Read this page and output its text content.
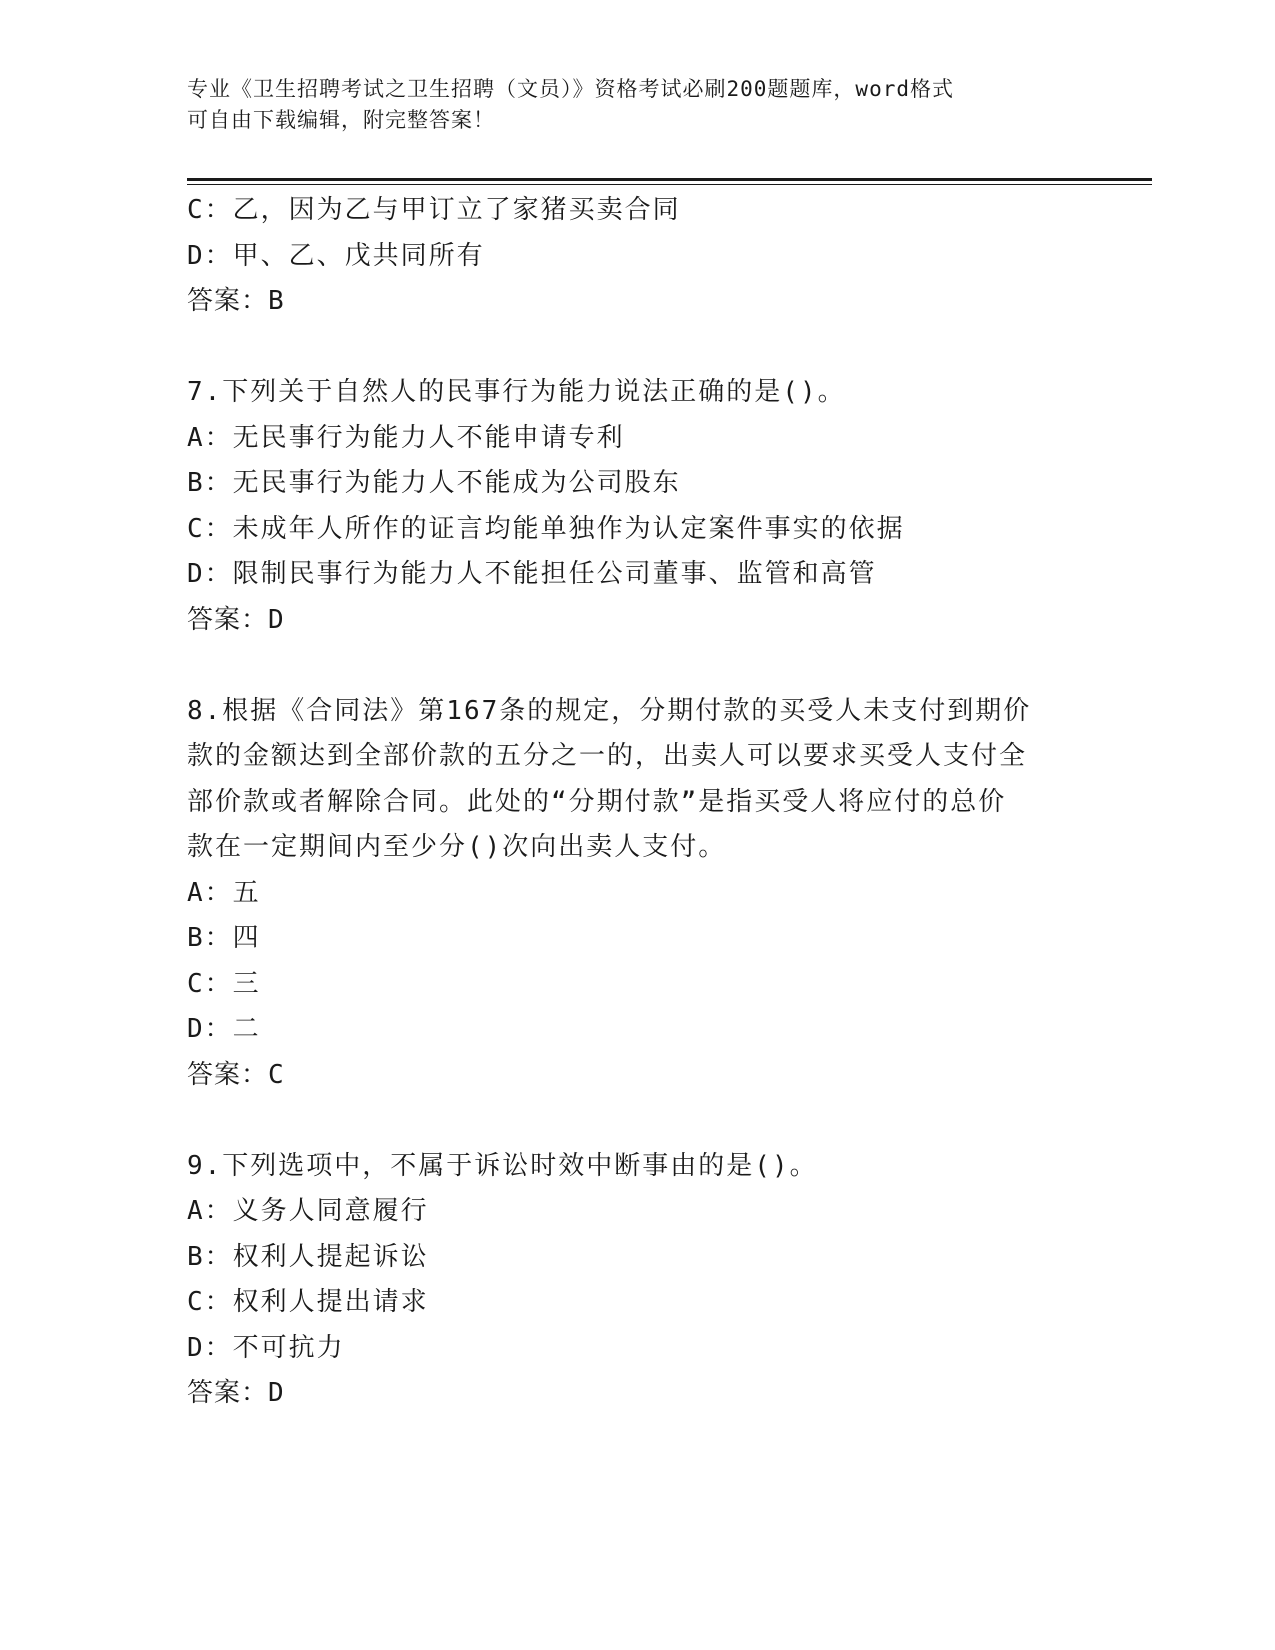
专业《卫生招聘考试之卫生招聘（文员）》资格考试必刷200题题库，word格式
可自由下载编辑，附完整答案！
C：乙，因为乙与甲订立了家猪买卖合同
D：甲、乙、戊共同所有
答案：B
7.下列关于自然人的民事行为能力说法正确的是()。
A：无民事行为能力人不能申请专利
B：无民事行为能力人不能成为公司股东
C：未成年人所作的证言均能单独作为认定案件事实的依据
D：限制民事行为能力人不能担任公司董事、监管和高管
答案：D
8.根据《合同法》第167条的规定，分期付款的买受人未支付到期价
款的金额达到全部价款的五分之一的，出卖人可以要求买受人支付全
部价款或者解除合同。此处的“分期付款”是指买受人将应付的总价
款在一定期间内至少分()次向出卖人支付。
A：五
B：四
C：三
D：二
答案：C
9.下列选项中，不属于诉讼时效中断事由的是()。
A：义务人同意履行
B：权利人提起诉讼
C：权利人提出请求
D：不可抗力
答案：D
